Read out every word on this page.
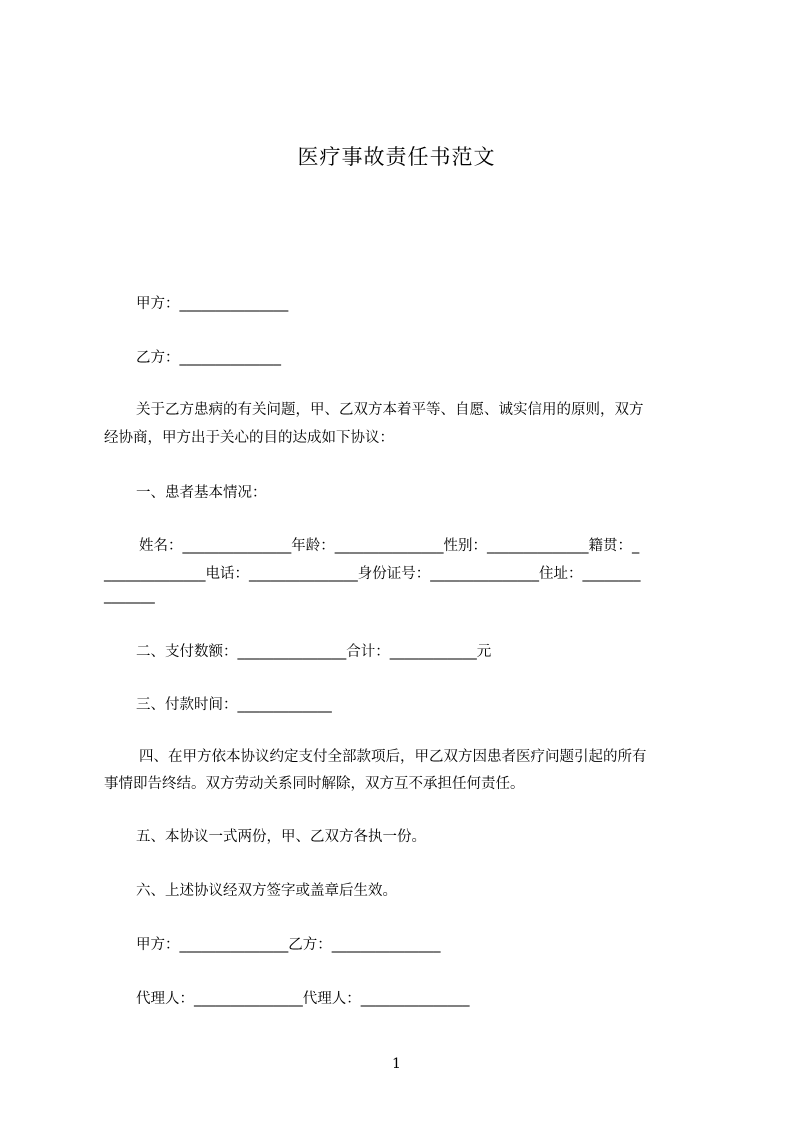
医疗事故责任书范文
甲方：_______________
乙方：______________
关于乙方患病的有关问题，甲、乙双方本着平等、自愿、诚实信用的原则，双方
经协商，甲方出于关心的目的达成如下协议：
一、患者基本情况：
姓名：_______________年龄：_______________性别：______________籍贯：_
______________电话：_______________身份证号：_______________住址：________
_______
二、支付数额：_______________合计：____________元
三、付款时间：_____________
四、在甲方依本协议约定支付全部款项后，甲乙双方因患者医疗问题引起的所有
事情即告终结。双方劳动关系同时解除，双方互不承担任何责任。
五、本协议一式两份，甲、乙双方各执一份。
六、上述协议经双方签字或盖章后生效。
甲方：_______________乙方：_______________
代理人：_______________代理人：_______________
1
